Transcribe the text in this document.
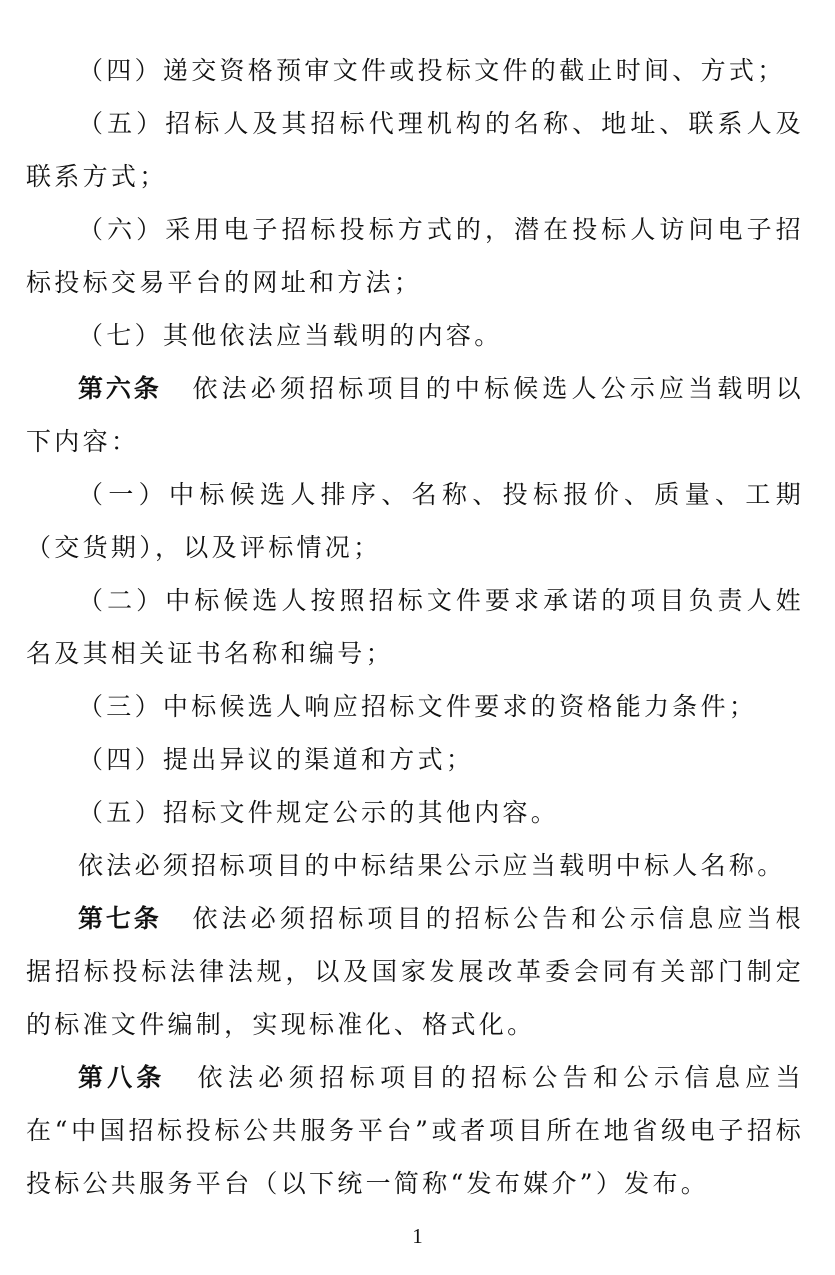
（四）递交资格预审文件或投标文件的截止时间、方式；

（五）招标人及其招标代理机构的名称、地址、联系人及联系方式；

（六）采用电子招标投标方式的，潜在投标人访问电子招标投标交易平台的网址和方法；

（七）其他依法应当载明的内容。

第六条 依法必须招标项目的中标候选人公示应当载明以下内容：

（一）中标候选人排序、名称、投标报价、质量、工期（交货期），以及评标情况；

（二）中标候选人按照招标文件要求承诺的项目负责人姓名及其相关证书名称和编号；

（三）中标候选人响应招标文件要求的资格能力条件；

（四）提出异议的渠道和方式；

（五）招标文件规定公示的其他内容。

依法必须招标项目的中标结果公示应当载明中标人名称。

第七条 依法必须招标项目的招标公告和公示信息应当根据招标投标法律法规，以及国家发展改革委会同有关部门制定的标准文件编制，实现标准化、格式化。

第八条 依法必须招标项目的招标公告和公示信息应当在“中国招标投标公共服务平台”或者项目所在地省级电子招标投标公共服务平台（以下统一简称“发布媒介”）发布。

1
